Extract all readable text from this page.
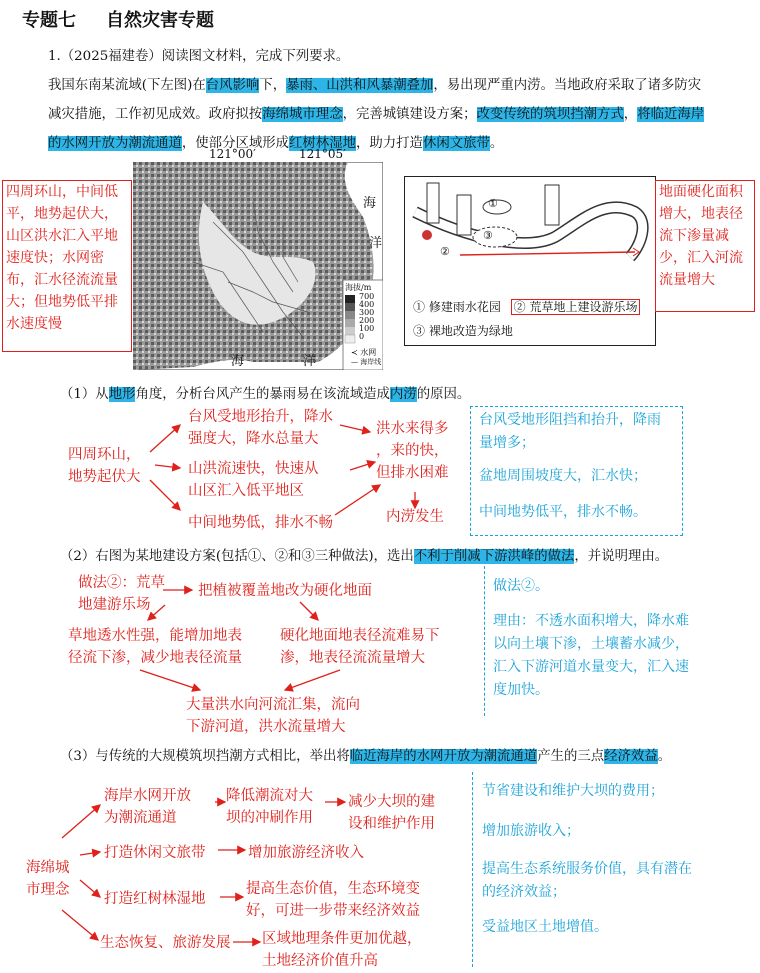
专题七 自然灾害专题
1.（2025福建卷）阅读图文材料，完成下列要求。
我国东南某流域(下左图)在台风影响下，暴雨、山洪和风暴潮叠加，易出现严重内涝。当地政府采取了诸多防灾减灾措施，工作初见成效。政府拟按海绵城市理念，完善城镇建设方案；改变传统的筑坝挡潮方式，将临近海岸的水网开放为潮流通道，使部分区域形成红树林湿地，助力打造休闲文旅带。
121°00′	121°05′
海
洋
海	洋
海拔/m
700
400
300
200
100
0
≺ 水网
— 海岸线
四周环山，中间低平，地势起伏大，山区洪水汇入平地速度快；水网密布，汇水径流流量大；但地势低平排水速度慢
①
②
③
① 修建雨水花园 ② 荒草地上建设游乐场
③ 裸地改造为绿地
地面硬化面积增大，地表径流下渗量减少，汇入河流流量增大
（1）从地形角度，分析台风产生的暴雨易在该流域造成内涝的原因。
四周环山，
地势起伏大
台风受地形抬升，降水
强度大，降水总量大
山洪流速快，快速从
山区汇入低平地区
中间地势低，排水不畅
洪水来得多
，来的快，
但排水困难
内涝发生
台风受地形阻挡和抬升，降雨量增多；
盆地周围坡度大，汇水快；
中间地势低平，排水不畅。
（2）右图为某地建设方案(包括①、②和③三种做法)，选出不利于削减下游洪峰的做法，并说明理由。
做法②：荒草
地建游乐场
把植被覆盖地改为硬化地面
草地透水性强，能增加地表
径流下渗，减少地表径流量
硬化地面地表径流难易下
渗，地表径流流量增大
大量洪水向河流汇集，流向
下游河道，洪水流量增大
做法②。
理由：不透水面积增大，降水难以向土壤下渗，土壤蓄水减少，汇入下游河道水量变大，汇入速度加快。
（3）与传统的大规模筑坝挡潮方式相比，举出将临近海岸的水网开放为潮流通道产生的三点经济效益。
海绵城
市理念
海岸水网开放
为潮流通道
降低潮流对大
坝的冲刷作用
减少大坝的建
设和维护作用
打造休闲文旅带	增加旅游经济收入
打造红树林湿地
提高生态价值，生态环境变
好，可进一步带来经济效益
生态恢复、旅游发展 区域地理条件更加优越，
土地经济价值升高
节省建设和维护大坝的费用；
增加旅游收入；
提高生态系统服务价值，具有潜在的经济效益；
受益地区土地增值。
